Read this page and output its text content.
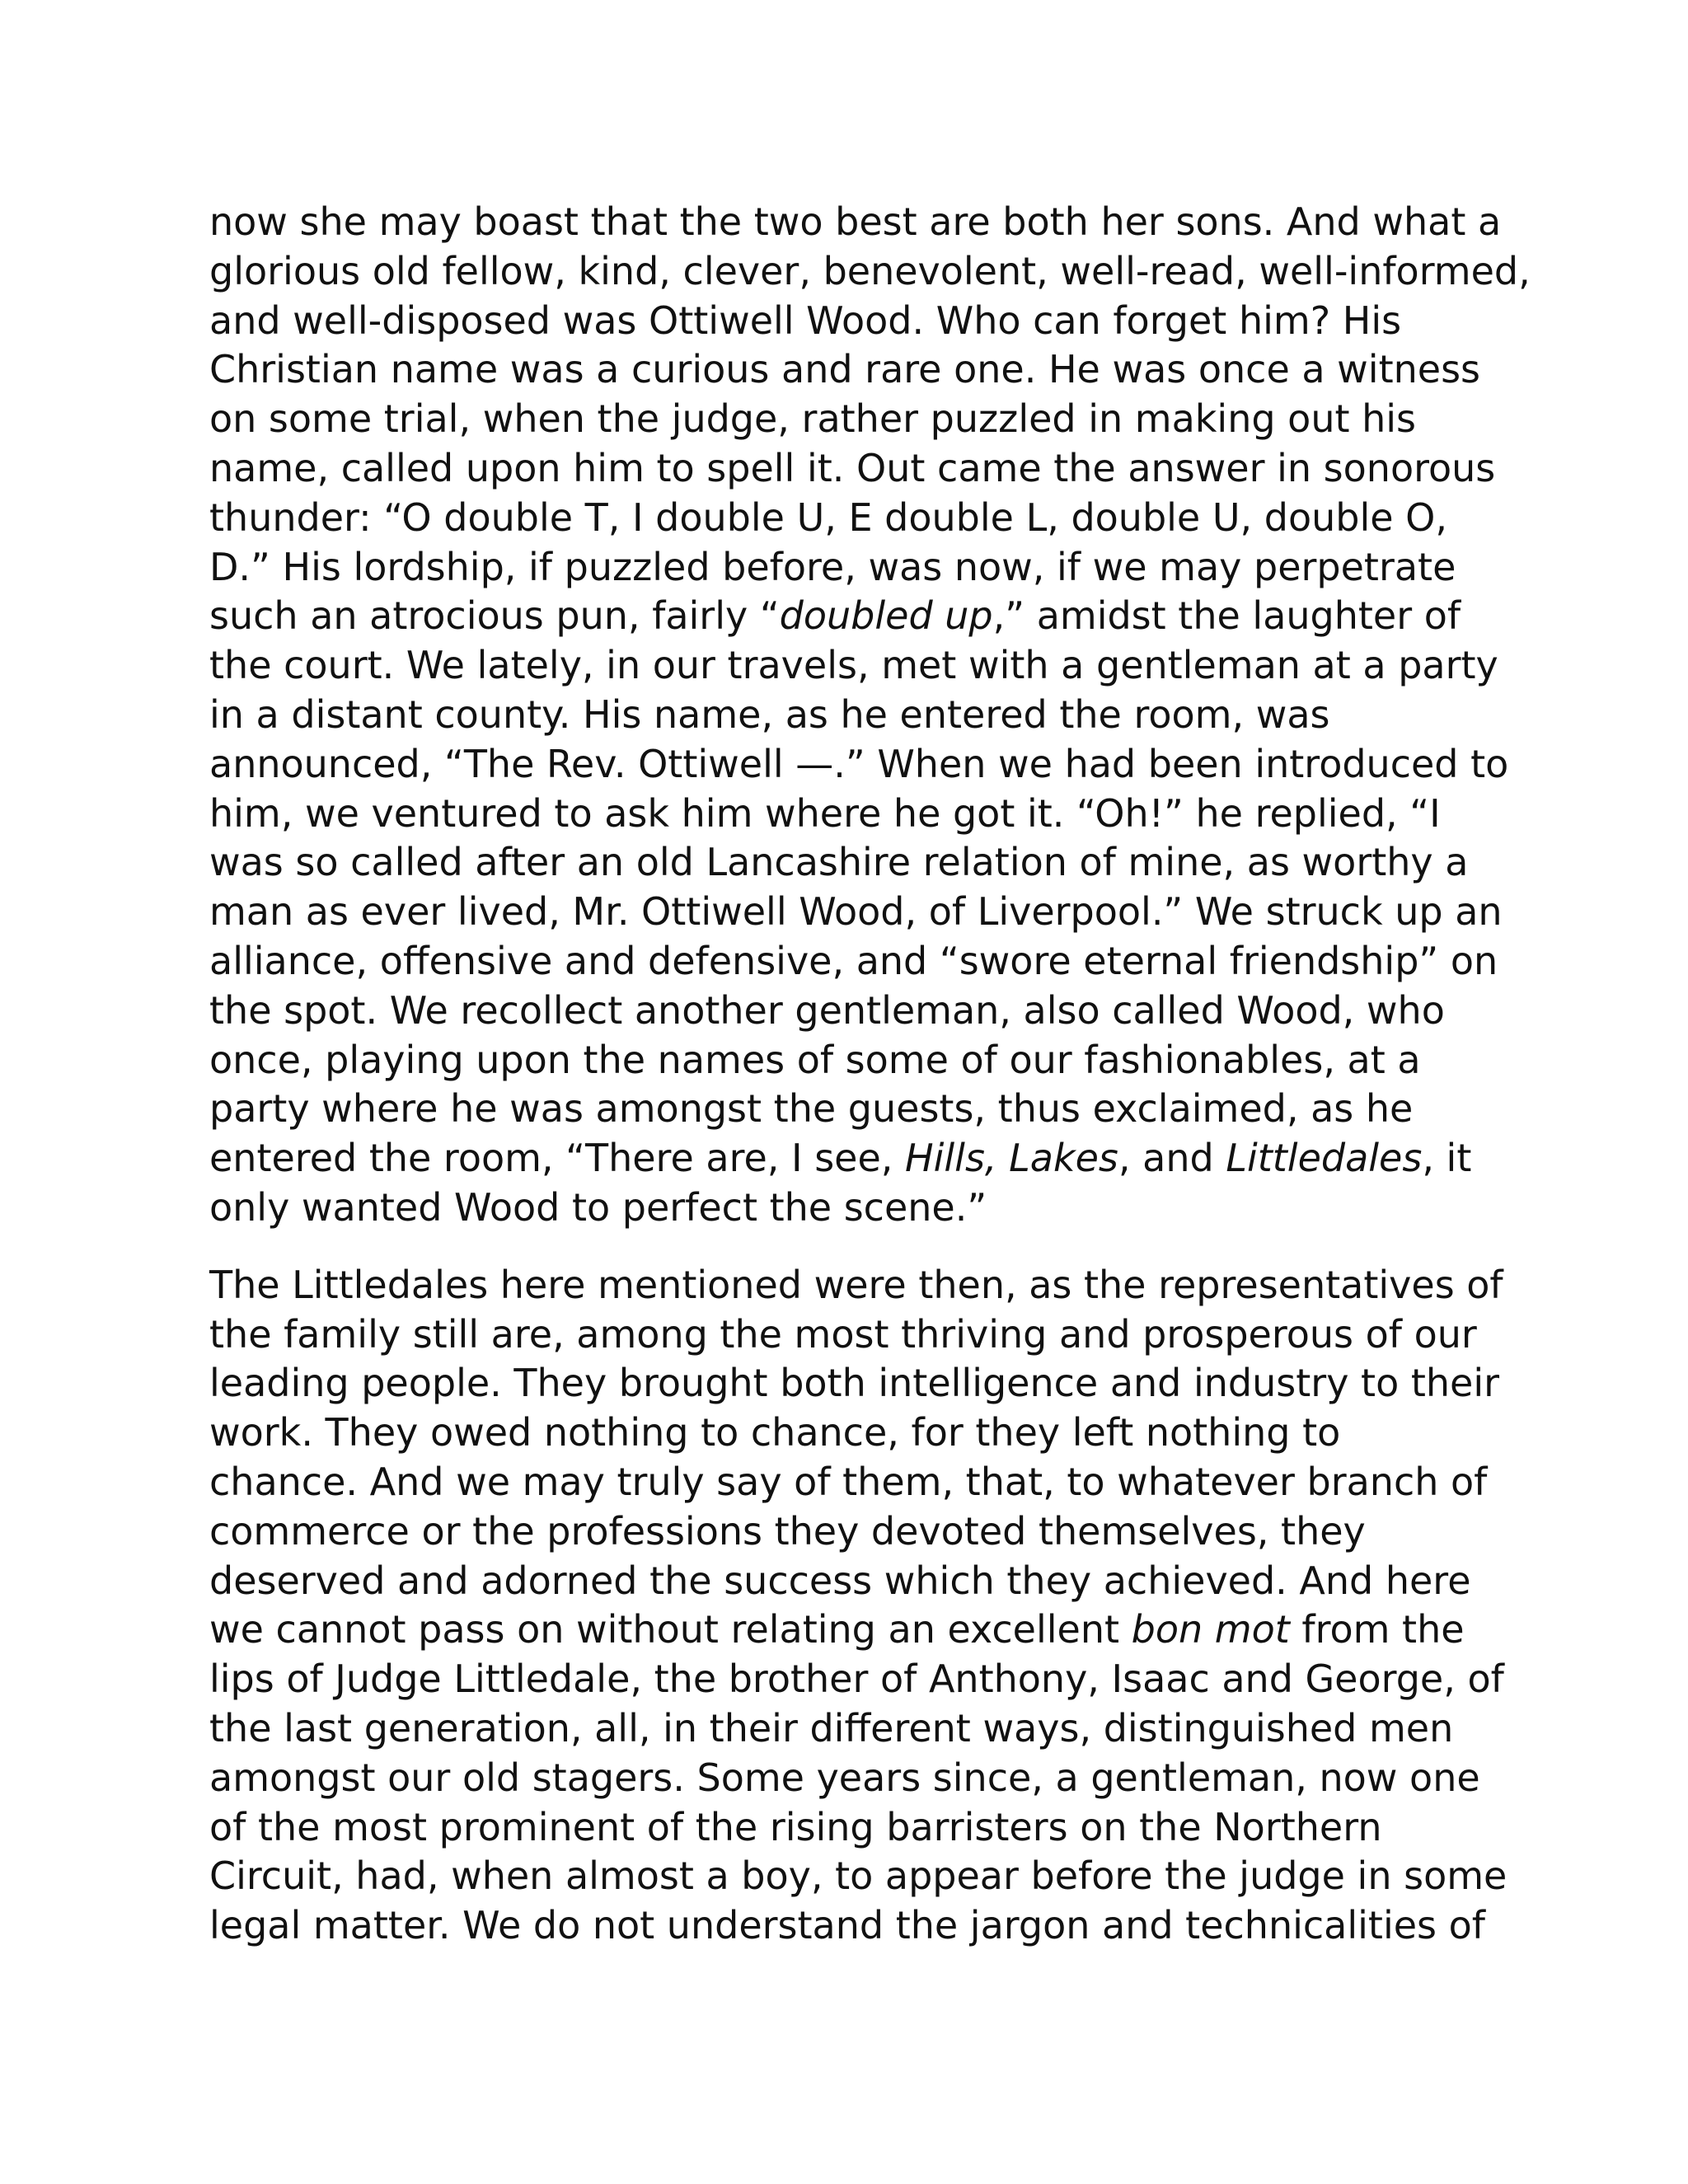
now she may boast that the two best are both her sons. And what a
glorious old fellow, kind, clever, benevolent, well-read, well-informed,
and well-disposed was Ottiwell Wood. Who can forget him? His
Christian name was a curious and rare one. He was once a witness
on some trial, when the judge, rather puzzled in making out his
name, called upon him to spell it. Out came the answer in sonorous
thunder: “O double T, I double U, E double L, double U, double O,
D.” His lordship, if puzzled before, was now, if we may perpetrate
such an atrocious pun, fairly “doubled up,” amidst the laughter of
the court. We lately, in our travels, met with a gentleman at a party
in a distant county. His name, as he entered the room, was
announced, “The Rev. Ottiwell —.” When we had been introduced to
him, we ventured to ask him where he got it. “Oh!” he replied, “I
was so called after an old Lancashire relation of mine, as worthy a
man as ever lived, Mr. Ottiwell Wood, of Liverpool.” We struck up an
alliance, offensive and defensive, and “swore eternal friendship” on
the spot. We recollect another gentleman, also called Wood, who
once, playing upon the names of some of our fashionables, at a
party where he was amongst the guests, thus exclaimed, as he
entered the room, “There are, I see, Hills, Lakes, and Littledales, it
only wanted Wood to perfect the scene.”
The Littledales here mentioned were then, as the representatives of
the family still are, among the most thriving and prosperous of our
leading people. They brought both intelligence and industry to their
work. They owed nothing to chance, for they left nothing to
chance. And we may truly say of them, that, to whatever branch of
commerce or the professions they devoted themselves, they
deserved and adorned the success which they achieved. And here
we cannot pass on without relating an excellent bon mot from the
lips of Judge Littledale, the brother of Anthony, Isaac and George, of
the last generation, all, in their different ways, distinguished men
amongst our old stagers. Some years since, a gentleman, now one
of the most prominent of the rising barristers on the Northern
Circuit, had, when almost a boy, to appear before the judge in some
legal matter. We do not understand the jargon and technicalities of
